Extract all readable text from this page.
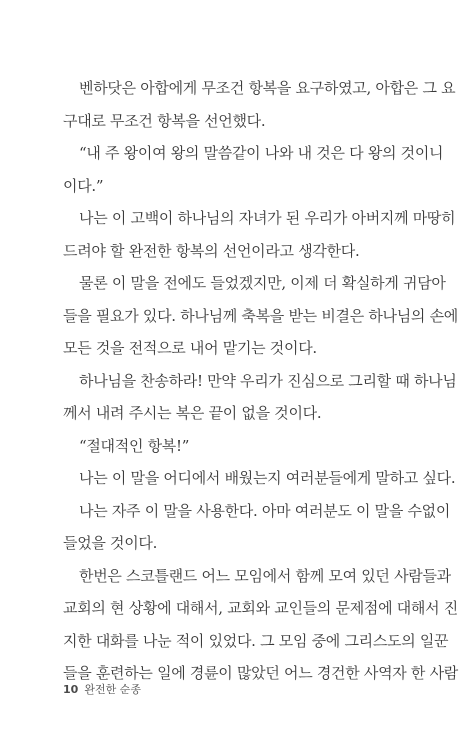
벤하닷은 아합에게 무조건 항복을 요구하였고, 아합은 그 요
구대로 무조건 항복을 선언했다.
“내 주 왕이여 왕의 말씀같이 나와 내 것은 다 왕의 것이니
이다.”
나는 이 고백이 하나님의 자녀가 된 우리가 아버지께 마땅히
드려야 할 완전한 항복의 선언이라고 생각한다.
물론 이 말을 전에도 들었겠지만, 이제 더 확실하게 귀담아
들을 필요가 있다. 하나님께 축복을 받는 비결은 하나님의 손에
모든 것을 전적으로 내어 맡기는 것이다.
하나님을 찬송하라! 만약 우리가 진심으로 그리할 때 하나님
께서 내려 주시는 복은 끝이 없을 것이다.
“절대적인 항복!”
나는 이 말을 어디에서 배웠는지 여러분들에게 말하고 싶다.
나는 자주 이 말을 사용한다. 아마 여러분도 이 말을 수없이
들었을 것이다.
한번은 스코틀랜드 어느 모임에서 함께 모여 있던 사람들과
교회의 현 상황에 대해서, 교회와 교인들의 문제점에 대해서 진
지한 대화를 나눈 적이 있었다. 그 모임 중에 그리스도의 일꾼
들을 훈련하는 일에 경륜이 많았던 어느 경건한 사역자 한 사람
10 완전한 순종
